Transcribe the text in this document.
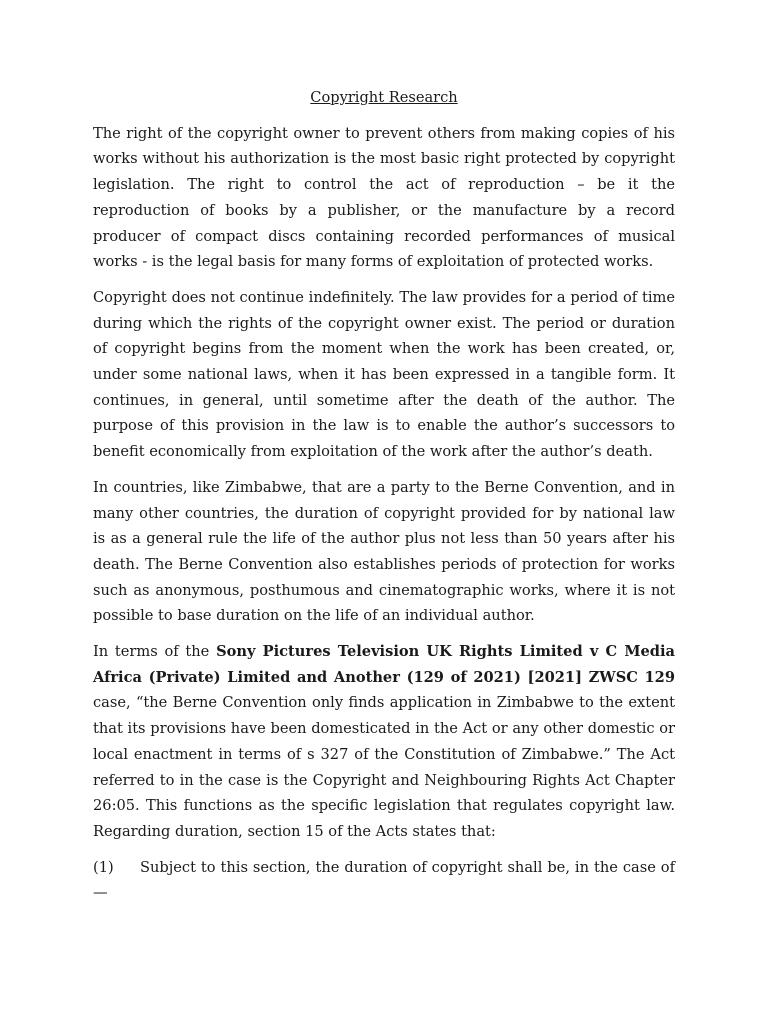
Copyright Research

The right of the copyright owner to prevent others from making copies of his works without his authorization is the most basic right protected by copyright legislation. The right to control the act of reproduction – be it the reproduction of books by a publisher, or the manufacture by a record producer of compact discs containing recorded performances of musical works - is the legal basis for many forms of exploitation of protected works.

Copyright does not continue indefinitely. The law provides for a period of time during which the rights of the copyright owner exist. The period or duration of copyright begins from the moment when the work has been created, or, under some national laws, when it has been expressed in a tangible form. It continues, in general, until sometime after the death of the author. The purpose of this provision in the law is to enable the author’s successors to benefit economically from exploitation of the work after the author’s death.

In countries, like Zimbabwe, that are a party to the Berne Convention, and in many other countries, the duration of copyright provided for by national law is as a general rule the life of the author plus not less than 50 years after his death. The Berne Convention also establishes periods of protection for works such as anonymous, posthumous and cinematographic works, where it is not possible to base duration on the life of an individual author.

In terms of the Sony Pictures Television UK Rights Limited v C Media Africa (Private) Limited and Another (129 of 2021) [2021] ZWSC 129 case, “the Berne Convention only finds application in Zimbabwe to the extent that its provisions have been domesticated in the Act or any other domestic or local enactment in terms of s 327 of the Constitution of Zimbabwe.” The Act referred to in the case is the Copyright and Neighbouring Rights Act Chapter 26:05. This functions as the specific legislation that regulates copyright law. Regarding duration, section 15 of the Acts states that:

(1) Subject to this section, the duration of copyright shall be, in the case of—
